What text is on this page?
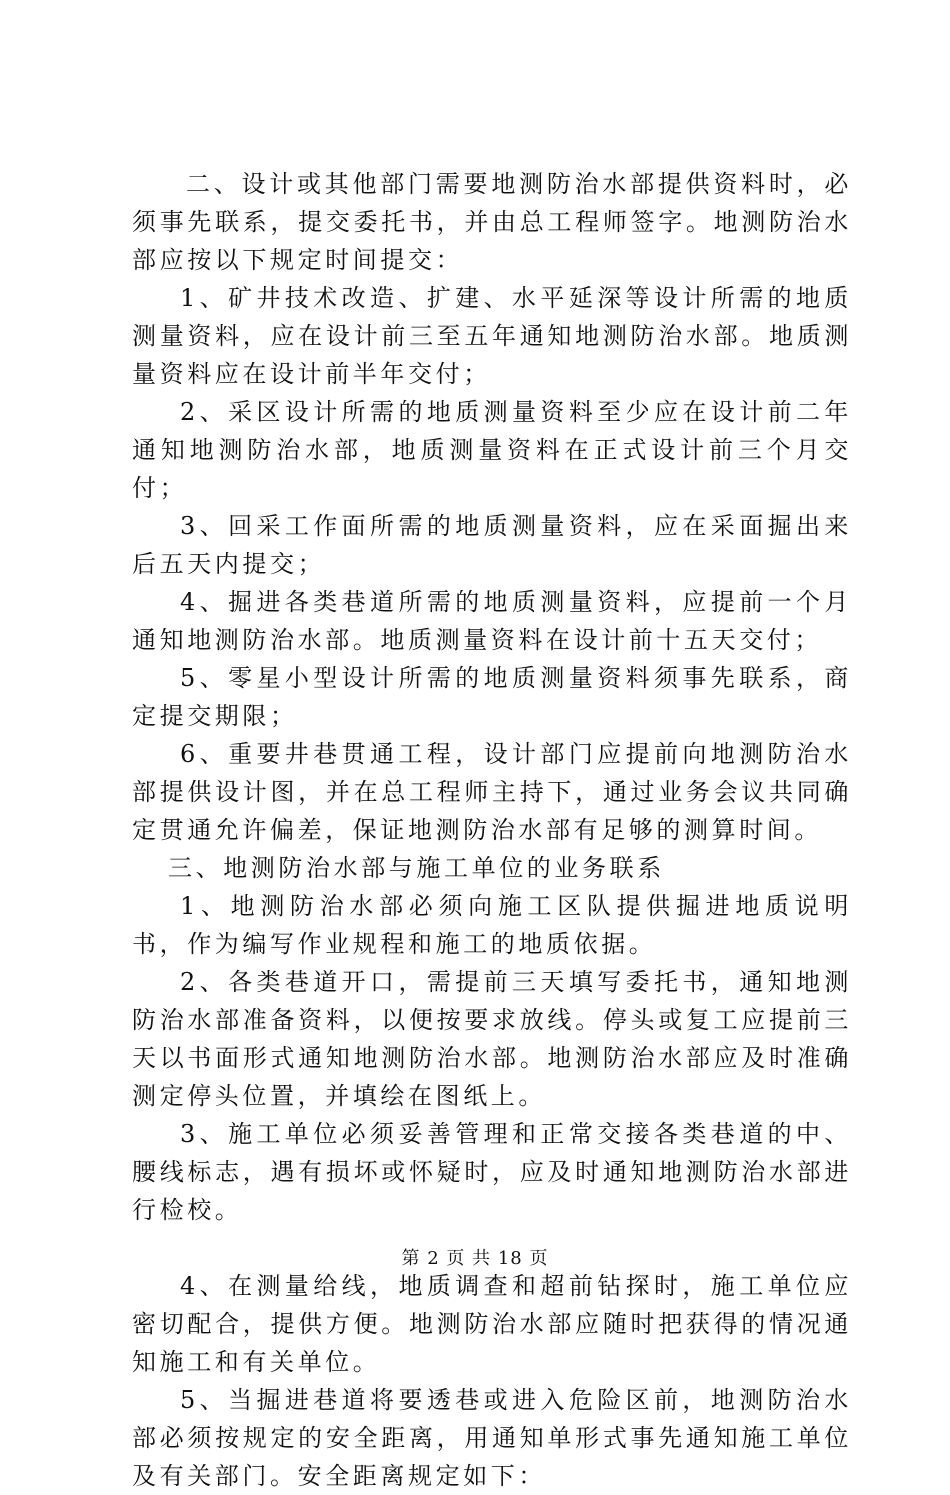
二、设计或其他部门需要地测防治水部提供资料时，必须事先联系，提交委托书，并由总工程师签字。地测防治水部应按以下规定时间提交：

1、矿井技术改造、扩建、水平延深等设计所需的地质测量资料，应在设计前三至五年通知地测防治水部。地质测量资料应在设计前半年交付；

2、采区设计所需的地质测量资料至少应在设计前二年通知地测防治水部，地质测量资料在正式设计前三个月交付；

3、回采工作面所需的地质测量资料，应在采面掘出来后五天内提交；

4、掘进各类巷道所需的地质测量资料，应提前一个月通知地测防治水部。地质测量资料在设计前十五天交付；

5、零星小型设计所需的地质测量资料须事先联系，商定提交期限；

6、重要井巷贯通工程，设计部门应提前向地测防治水部提供设计图，并在总工程师主持下，通过业务会议共同确定贯通允许偏差，保证地测防治水部有足够的测算时间。

三、地测防治水部与施工单位的业务联系

1、地测防治水部必须向施工区队提供掘进地质说明书，作为编写作业规程和施工的地质依据。

2、各类巷道开口，需提前三天填写委托书，通知地测防治水部准备资料，以便按要求放线。停头或复工应提前三天以书面形式通知地测防治水部。地测防治水部应及时准确测定停头位置，并填绘在图纸上。

3、施工单位必须妥善管理和正常交接各类巷道的中、腰线标志，遇有损坏或怀疑时，应及时通知地测防治水部进行检校。

4、在测量给线，地质调查和超前钻探时，施工单位应密切配合，提供方便。地测防治水部应随时把获得的情况通知施工和有关单位。

5、当掘进巷道将要透巷或进入危险区前，地测防治水部必须按规定的安全距离，用通知单形式事先通知施工单位及有关部门。安全距离规定如下：

第 2 页 共 18 页
